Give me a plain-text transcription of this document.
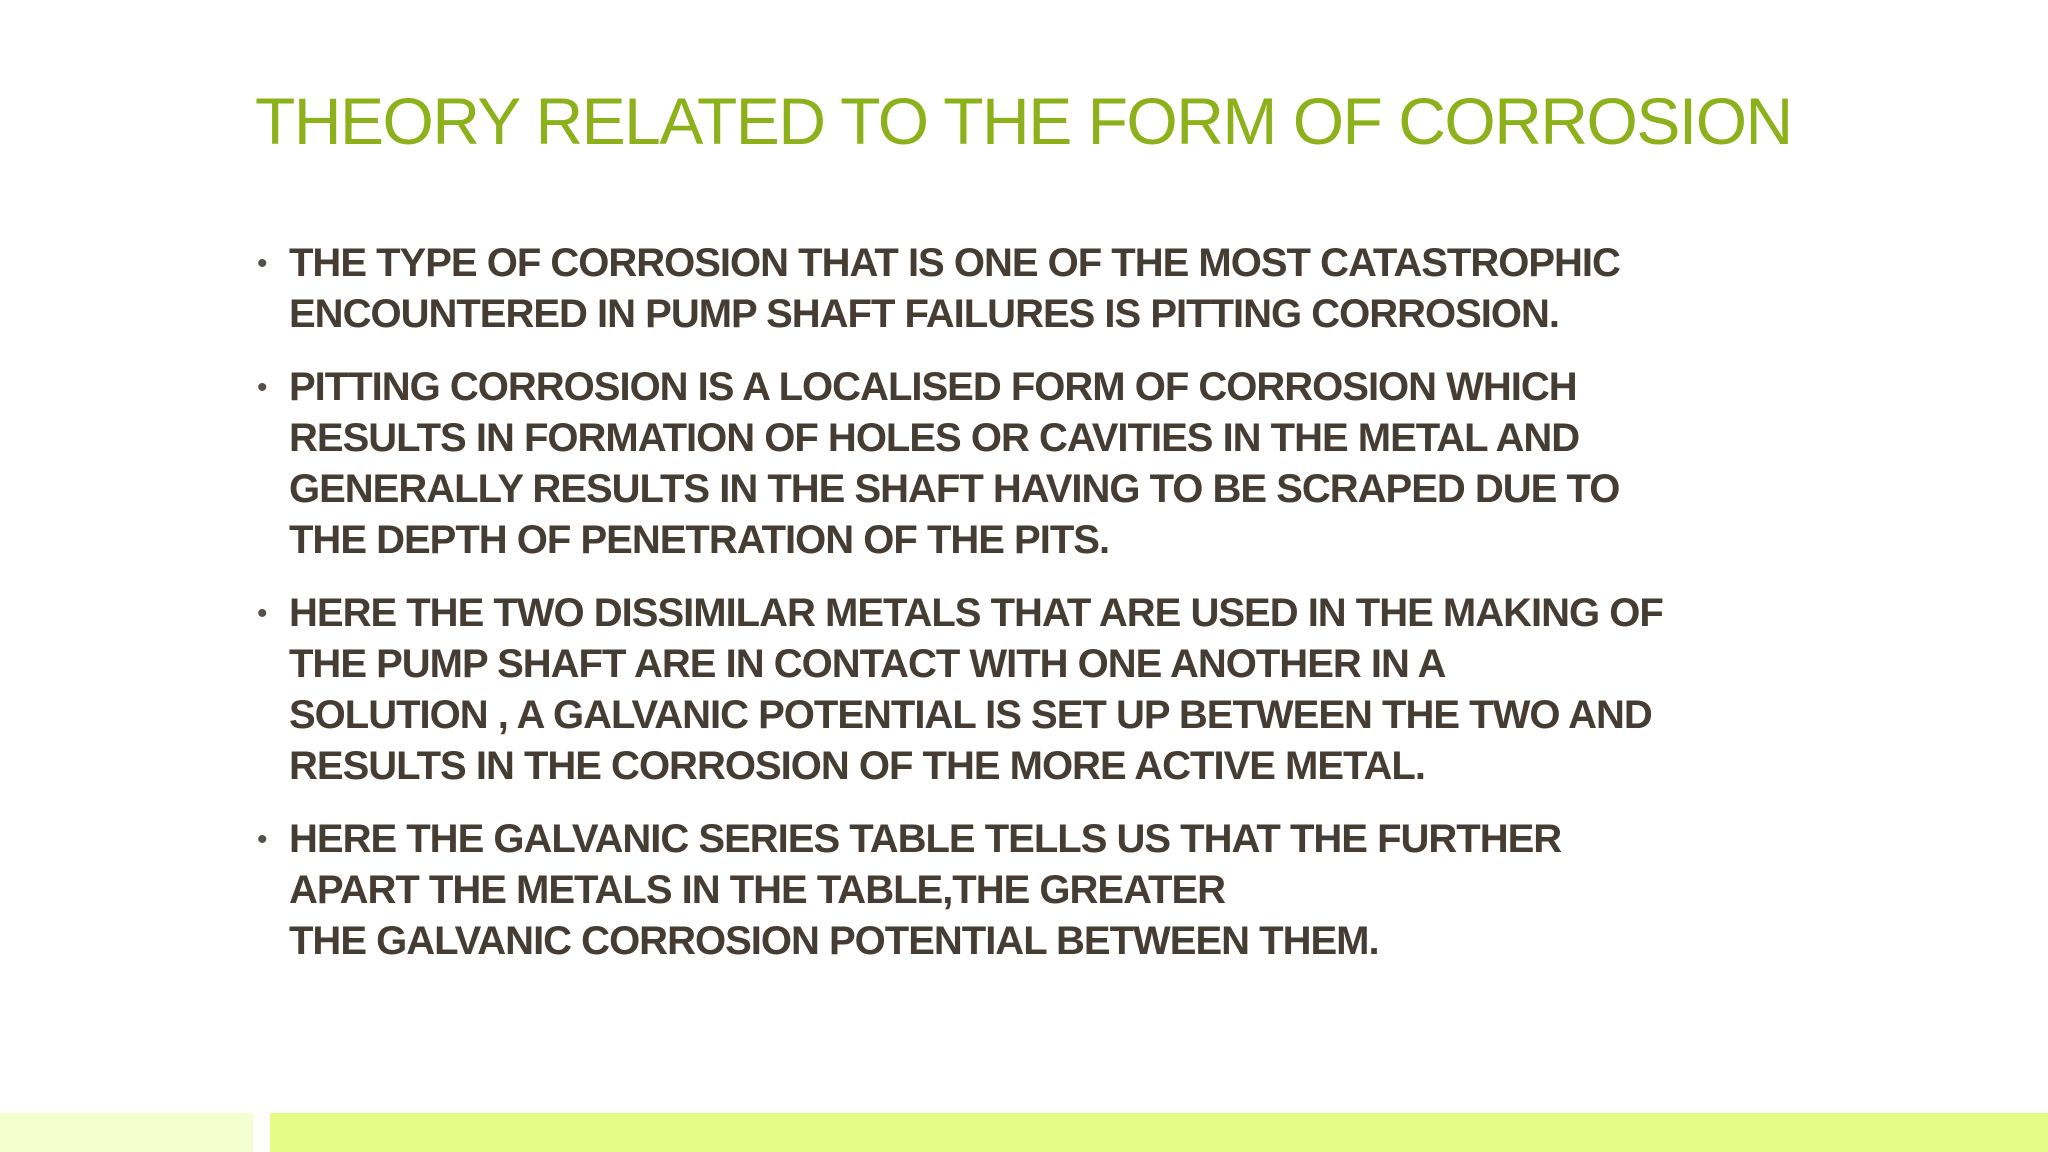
THEORY RELATED TO THE FORM OF CORROSION
• THE TYPE OF CORROSION THAT IS ONE OF THE MOST CATASTROPHIC
ENCOUNTERED IN PUMP SHAFT FAILURES IS PITTING CORROSION.
• PITTING CORROSION IS A LOCALISED FORM OF CORROSION WHICH
RESULTS IN FORMATION OF HOLES OR CAVITIES IN THE METAL AND
GENERALLY RESULTS IN THE SHAFT HAVING TO BE SCRAPED DUE TO
THE DEPTH OF PENETRATION OF THE PITS.
• HERE THE TWO DISSIMILAR METALS THAT ARE USED IN THE MAKING OF
THE PUMP SHAFT ARE IN CONTACT WITH ONE ANOTHER IN A
SOLUTION , A GALVANIC POTENTIAL IS SET UP BETWEEN THE TWO AND
RESULTS IN THE CORROSION OF THE MORE ACTIVE METAL.
• HERE THE GALVANIC SERIES TABLE TELLS US THAT THE FURTHER
APART THE METALS IN THE TABLE,THE GREATER
THE GALVANIC CORROSION POTENTIAL BETWEEN THEM.
